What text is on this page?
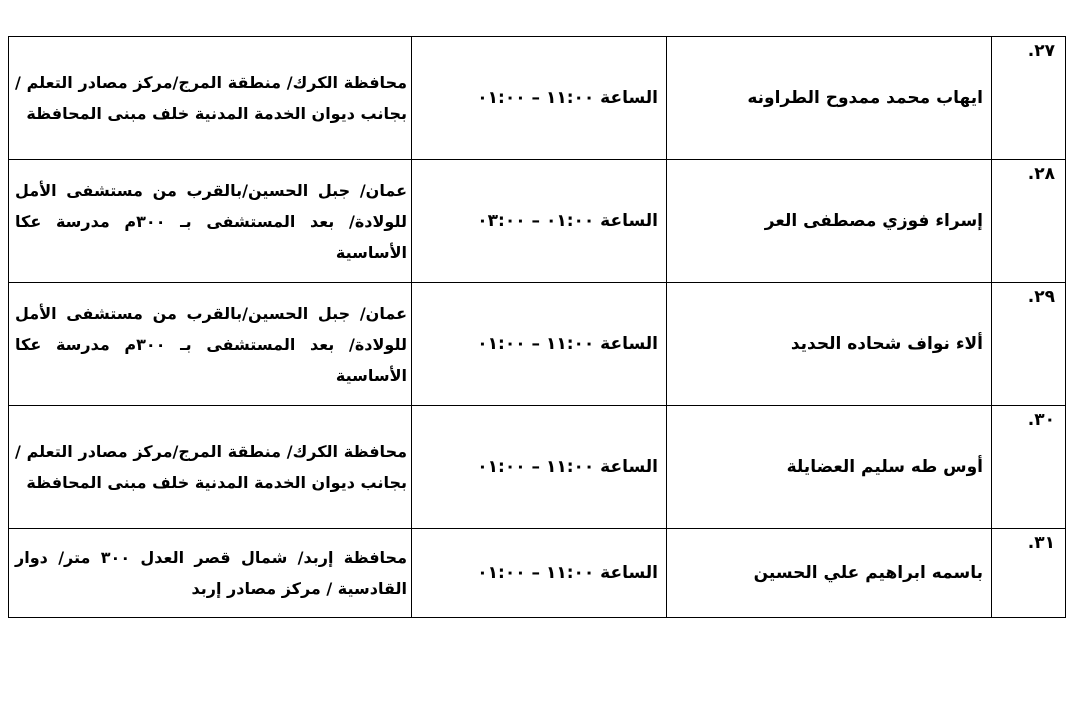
٢٧.	ايهاب محمد ممدوح الطراونه	الساعة ١١:٠٠ – ٠١:٠٠	محافظة الكرك/ منطقة المرج/مركز مصادر التعلم / بجانب ديوان الخدمة المدنية خلف مبنى المحافظة
٢٨.	إسراء فوزي مصطفى العر	الساعة ٠١:٠٠ – ٠٣:٠٠	عمان/ جبل الحسين/بالقرب من مستشفى الأمل للولادة/ بعد المستشفى بـ ٣٠٠م مدرسة عكا الأساسية
٢٩.	ألاء نواف شحاده الحديد	الساعة ١١:٠٠ – ٠١:٠٠	عمان/ جبل الحسين/بالقرب من مستشفى الأمل للولادة/ بعد المستشفى بـ ٣٠٠م مدرسة عكا الأساسية
٣٠.	أوس طه سليم العضايلة	الساعة ١١:٠٠ – ٠١:٠٠	محافظة الكرك/ منطقة المرج/مركز مصادر التعلم / بجانب ديوان الخدمة المدنية خلف مبنى المحافظة
٣١.	باسمه ابراهيم علي الحسين	الساعة ١١:٠٠ – ٠١:٠٠	محافظة إربد/ شمال قصر العدل ٣٠٠ متر/ دوار القادسية / مركز مصادر إربد
